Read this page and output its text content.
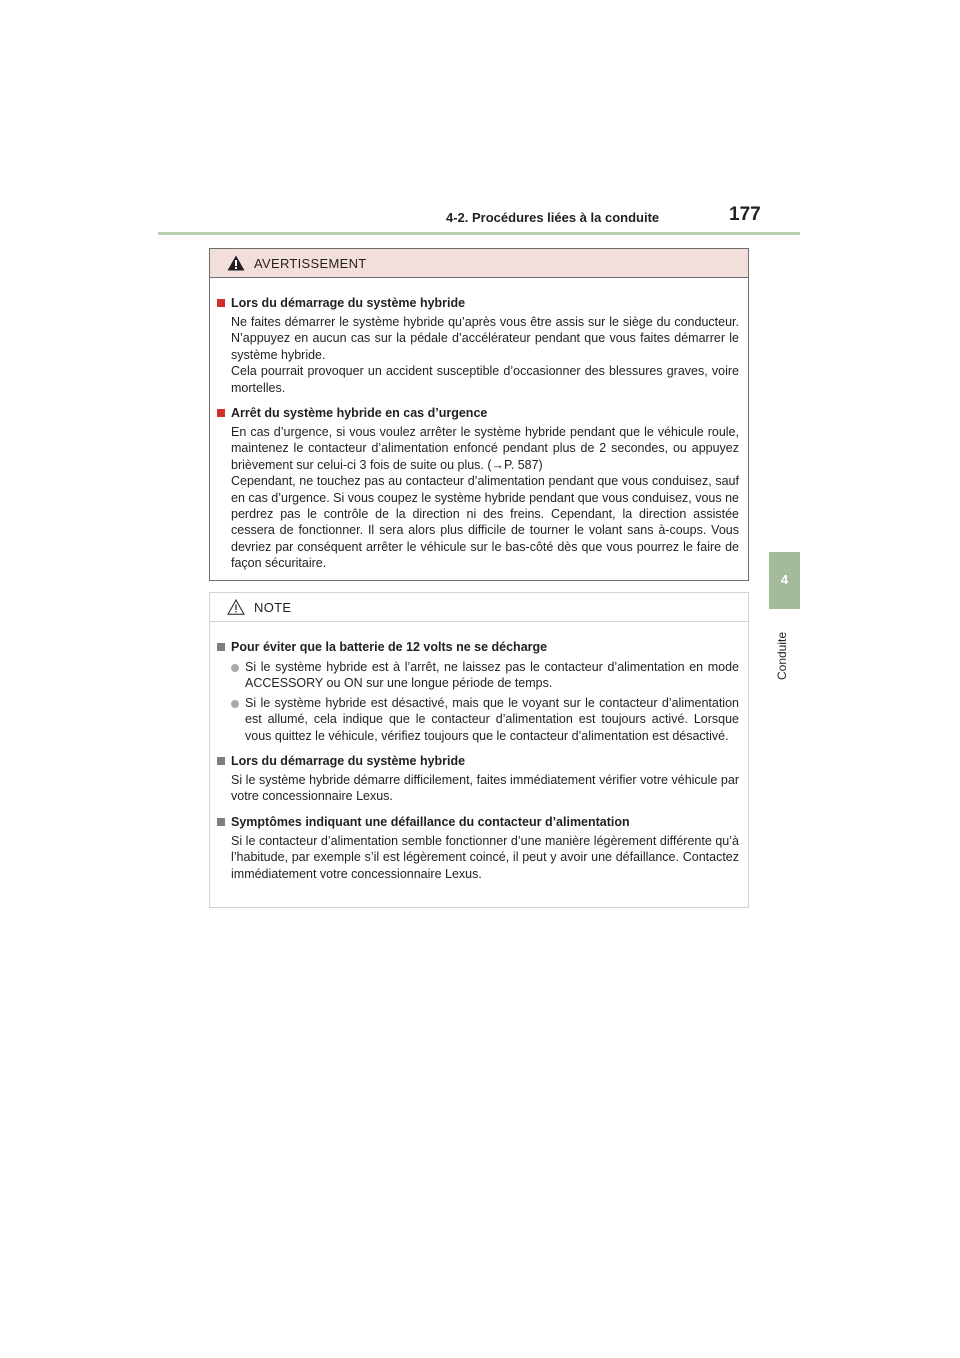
4-2. Procédures liées à la conduite	177
4
Conduite
AVERTISSEMENT
Lors du démarrage du système hybride
Ne faites démarrer le système hybride qu’après vous être assis sur le siège du conducteur. N’appuyez en aucun cas sur la pédale d’accélérateur pendant que vous faites démarrer le système hybride.
Cela pourrait provoquer un accident susceptible d’occasionner des blessures graves, voire mortelles.
Arrêt du système hybride en cas d’urgence
En cas d’urgence, si vous voulez arrêter le système hybride pendant que le véhicule roule, maintenez le contacteur d’alimentation enfoncé pendant plus de 2 secondes, ou appuyez brièvement sur celui-ci 3 fois de suite ou plus. (→P. 587)
Cependant, ne touchez pas au contacteur d’alimentation pendant que vous conduisez, sauf en cas d’urgence. Si vous coupez le système hybride pendant que vous conduisez, vous ne perdrez pas le contrôle de la direction ni des freins. Cependant, la direction assistée cessera de fonctionner. Il sera alors plus difficile de tourner le volant sans à-coups. Vous devriez par conséquent arrêter le véhicule sur le bas-côté dès que vous pourrez le faire de façon sécuritaire.
NOTE
Pour éviter que la batterie de 12 volts ne se décharge
Si le système hybride est à l’arrêt, ne laissez pas le contacteur d’alimentation en mode ACCESSORY ou ON sur une longue période de temps.
Si le système hybride est désactivé, mais que le voyant sur le contacteur d’alimentation est allumé, cela indique que le contacteur d’alimentation est toujours activé. Lorsque vous quittez le véhicule, vérifiez toujours que le contacteur d’alimentation est désactivé.
Lors du démarrage du système hybride
Si le système hybride démarre difficilement, faites immédiatement vérifier votre véhicule par votre concessionnaire Lexus.
Symptômes indiquant une défaillance du contacteur d’alimentation
Si le contacteur d’alimentation semble fonctionner d’une manière légèrement différente qu’à l’habitude, par exemple s’il est légèrement coincé, il peut y avoir une défaillance. Contactez immédiatement votre concessionnaire Lexus.
